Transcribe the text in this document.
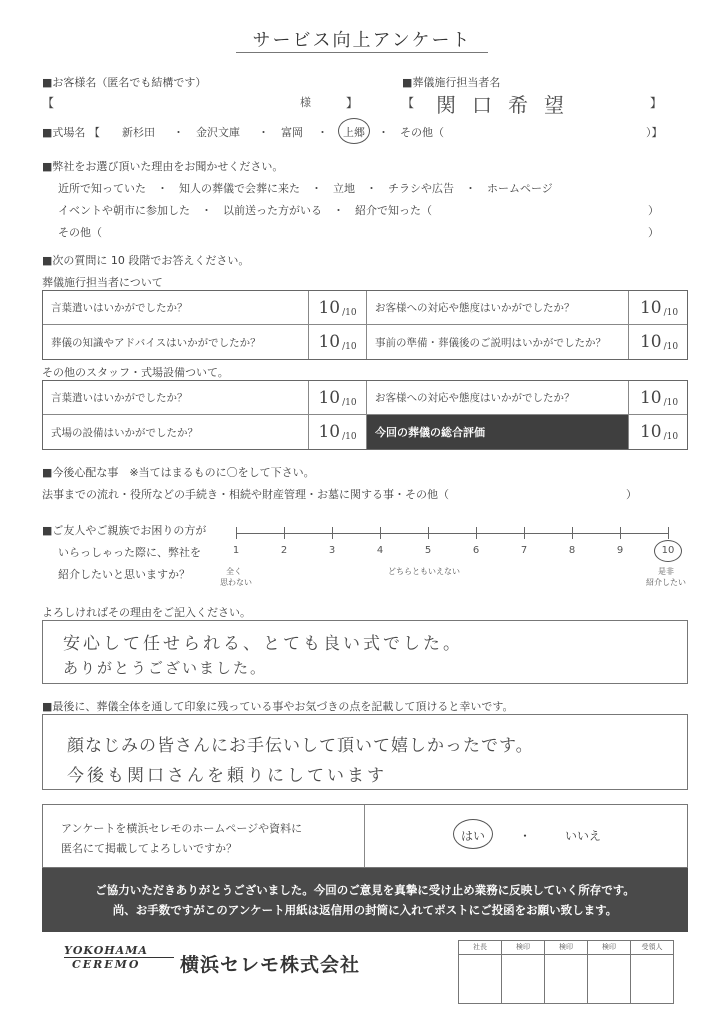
サービス向上アンケート
■お客様名（匿名でも結構です）
【	様	】
■葬儀施行担当者名
【 関口希望	】
■式場名 【 新杉田 ・ 金沢文庫 ・ 富岡 ・ 上郷 ・ その他（	）】
■弊社をお選び頂いた理由をお聞かせください。
近所で知っていた　・　知人の葬儀で会葬に来た　・　立地　・　チラシや広告　・　ホームページ
イベントや朝市に参加した　・　以前送った方がいる　・　紹介で知った（	）
その他（	）
■次の質問に 10 段階でお答えください。
葬儀施行担当者について
言葉遣いはいかがでしたか？	10 /10	お客様への対応や態度はいかがでしたか？	10 /10
葬儀の知識やアドバイスはいかがでしたか？	10 /10	事前の準備・葬儀後のご説明はいかがでしたか？	10 /10
その他のスタッフ・式場設備ついて。
言葉遣いはいかがでしたか？	10 /10	お客様への対応や態度はいかがでしたか？	10 /10
式場の設備はいかがでしたか？	10 /10	今回の葬儀の総合評価	10 /10
■今後心配な事　※当てはまるものに〇をして下さい。
法事までの流れ・役所などの手続き・相続や財産管理・お墓に関する事・その他（	）
■ご友人やご親族でお困りの方が
いらっしゃった際に、弊社を
紹介したいと思いますか？
1	2	3	4	5	6	7	8	9	10
全く
思わない
どちらともいえない	是非
紹介したい
よろしければその理由をご記入ください。
安心して任せられる、とても良い式でした。
ありがとうございました。
■最後に、葬儀全体を通して印象に残っている事やお気づきの点を記載して頂けると幸いです。
顔なじみの皆さんにお手伝いして頂いて嬉しかったです。
今後も関口さんを頼りにしています
アンケートを横浜セレモのホームページや資料に
匿名にて掲載してよろしいですか？
はい	・	いいえ
ご協力いただきありがとうございました。今回のご意見を真摯に受け止め業務に反映していく所存です。
尚、お手数ですがこのアンケート用紙は返信用の封筒に入れてポストにご投函をお願い致します。
YOKOHAMA
CEREMO	横浜セレモ株式会社
社長	検印	検印	検印	受領人
